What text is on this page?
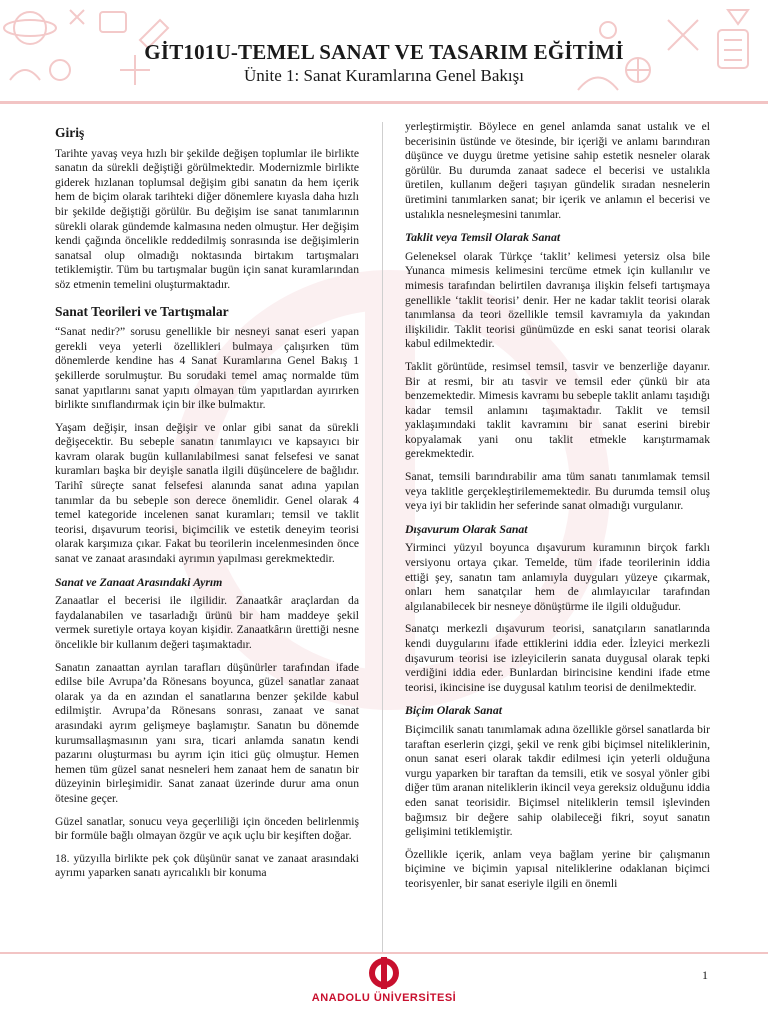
GİT101U-TEMEL SANAT VE TASARIM EĞİTİMİ
Ünite 1: Sanat Kuramlarına Genel Bakışı
Giriş

Tarihte yavaş veya hızlı bir şekilde değişen toplumlar ile birlikte sanatın da sürekli değiştiği görülmektedir. Modernizmle birlikte giderek hızlanan toplumsal değişim gibi sanatın da hem içerik hem de biçim olarak tarihteki diğer dönemlere kıyasla daha hızlı bir şekilde değiştiği görülür. Bu değişim ise sanat tanımlarının sürekli olarak gündemde kalmasına neden olmuştur. Her değişim kendi çağında öncelikle reddedilmiş sonrasında ise değişimlerin sanatsal olup olmadığı noktasında birtakım tartışmaları tetiklemiştir. Tüm bu tartışmalar bugün için sanat kuramlarından söz etmenin temelini oluşturmaktadır.

Sanat Teorileri ve Tartışmalar

“Sanat nedir?” sorusu genellikle bir nesneyi sanat eseri yapan gerekli veya yeterli özellikleri bulmaya çalışırken tüm dönemlerde kendine has 4 Sanat Kuramlarına Genel Bakış 1 şekillerde sorulmuştur. Bu sorudaki temel amaç normalde tüm sanat yapıtlarını sanat yapıtı olmayan tüm yapıtlardan ayırırken birlikte sınıflandırmak için bir ilke bulmaktır.

Yaşam değişir, insan değişir ve onlar gibi sanat da sürekli değişecektir. Bu sebeple sanatın tanımlayıcı ve kapsayıcı bir kavram olarak bugün kullanılabilmesi sanat felsefesi ve sanat kuramları başka bir deyişle sanatla ilgili düşüncelere de bağlıdır. Tarihî süreçte sanat felsefesi alanında sanat adına yapılan tanımlar da bu sebeple son derece önemlidir. Genel olarak 4 temel kategoride incelenen sanat kuramları; temsil ve taklit teorisi, dışavurum teorisi, biçimcilik ve estetik deneyim teorisi olarak karşımıza çıkar. Fakat bu teorilerin incelenmesinden önce sanat ve zanaat arasındaki ayrımın yapılması gerekmektedir.

Sanat ve Zanaat Arasındaki Ayrım

Zanaatlar el becerisi ile ilgilidir. Zanaatkâr araçlardan da faydalanabilen ve tasarladığı ürünü bir ham maddeye şekil vermek suretiyle ortaya koyan kişidir. Zanaatkârın ürettiği nesne öncelikle bir kullanım değeri taşımaktadır.

Sanatın zanaattan ayrılan tarafları düşünürler tarafından ifade edilse bile Avrupa’da Rönesans boyunca, güzel sanatlar zanaat olarak ya da en azından el sanatlarına benzer şekilde kabul edilmiştir. Avrupa’da Rönesans sonrası, zanaat ve sanat arasındaki ayrım gelişmeye başlamıştır. Sanatın bu dönemde kurumsallaşmasının yanı sıra, ticari anlamda sanatın kendi pazarını oluşturması bu ayrım için itici güç olmuştur. Hemen hemen tüm güzel sanat nesneleri hem zanaat hem de sanatın bir düzeyinin birleşimidir. Sanat zanaat üzerinde durur ama onun ötesine geçer.

Güzel sanatlar, sonucu veya geçerliliği için önceden belirlenmiş bir formüle bağlı olmayan özgür ve açık uçlu bir keşiften doğar.

18. yüzyılla birlikte pek çok düşünür sanat ve zanaat arasındaki ayrımı yaparken sanatı ayrıcalıklı bir konuma

yerleştirmiştir. Böylece en genel anlamda sanat ustalık ve el becerisinin üstünde ve ötesinde, bir içeriği ve anlamı barındıran düşünce ve duygu üretme yetisine sahip estetik nesneler olarak görülür. Bu durumda zanaat sadece el becerisi ve ustalıkla üretilen, kullanım değeri taşıyan gündelik sıradan nesnelerin üretimini tanımlarken sanat; bir içerik ve anlamın el becerisi ve ustalıkla nesneleşmesini tanımlar.

Taklit veya Temsil Olarak Sanat

Geleneksel olarak Türkçe ‘taklit’ kelimesi yetersiz olsa bile Yunanca mimesis kelimesini tercüme etmek için kullanılır ve mimesis tarafından belirtilen davranışa ilişkin felsefi tartışmaya genellikle ‘taklit teorisi’ denir. Her ne kadar taklit teorisi olarak tanımlansa da teori özellikle temsil kavramıyla da yakından ilişkilidir. Taklit teorisi günümüzde en eski sanat teorisi olarak kabul edilmektedir.

Taklit görüntüde, resimsel temsil, tasvir ve benzerliğe dayanır. Bir at resmi, bir atı tasvir ve temsil eder çünkü bir ata benzemektedir. Mimesis kavramı bu sebeple taklit anlamı taşıdığı kadar temsil anlamını taşımaktadır. Taklit ve temsil yaklaşımındaki taklit kavramını bir sanat eserini birebir kopyalamak yani onu taklit etmekle karıştırmamak gerekmektedir.

Sanat, temsili barındırabilir ama tüm sanatı tanımlamak temsil veya taklitle gerçekleştirilememektedir. Bu durumda temsil oluş veya iyi bir taklidin her seferinde sanat olmadığı vurgulanır.

Dışavurum Olarak Sanat

Yirminci yüzyıl boyunca dışavurum kuramının birçok farklı versiyonu ortaya çıkar. Temelde, tüm ifade teorilerinin iddia ettiği şey, sanatın tam anlamıyla duyguları yüzeye çıkarmak, onları hem sanatçılar hem de alımlayıcılar tarafından algılanabilecek bir nesneye dönüştürme ile ilgili olduğudur.

Sanatçı merkezli dışavurum teorisi, sanatçıların sanatlarında kendi duygularını ifade ettiklerini iddia eder. İzleyici merkezli dışavurum teorisi ise izleyicilerin sanata duygusal olarak tepki verdiğini iddia eder. Bunlardan birincisine kendini ifade etme teorisi, ikincisine ise duygusal katılım teorisi de denilmektedir.

Biçim Olarak Sanat

Biçimcilik sanatı tanımlamak adına özellikle görsel sanatlarda bir taraftan eserlerin çizgi, şekil ve renk gibi biçimsel niteliklerinin, onun sanat eseri olarak takdir edilmesi için yeterli olduğuna vurgu yaparken bir taraftan da temsili, etik ve sosyal yönler gibi diğer tüm aranan niteliklerin ikincil veya gereksiz olduğunu iddia eden sanat teorisidir. Biçimsel niteliklerin temsil işlevinden bağımsız bir değere sahip olabileceği fikri, soyut sanatın gelişimini tetiklemiştir.

Özellikle içerik, anlam veya bağlam yerine bir çalışmanın biçimine ve biçimin yapısal niteliklerine odaklanan biçimci teorisyenler, bir sanat eseriyle ilgili en önemli

1
ANADOLU ÜNİVERSİTESİ
